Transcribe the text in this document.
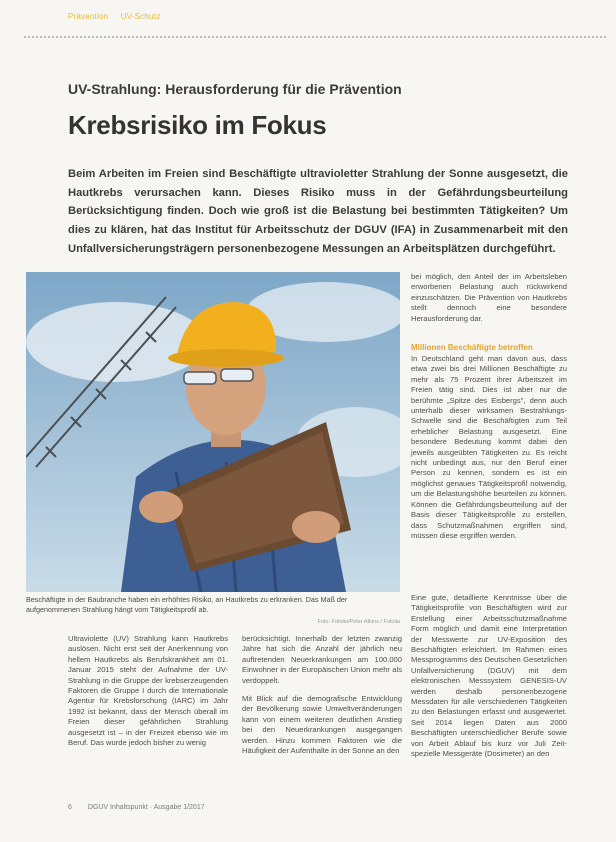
Prävention UV-Schutz
UV-Strahlung: Herausforderung für die Prävention
Krebsrisiko im Fokus
Beim Arbeiten im Freien sind Beschäftigte ultravioletter Strahlung der Sonne ausgesetzt, die Hautkrebs verursachen kann. Dieses Risiko muss in der Gefährdungsbeurteilung Berücksichtigung finden. Doch wie groß ist die Belastung bei bestimmten Tätigkeiten? Um dies zu klären, hat das Institut für Arbeitsschutz der DGUV (IFA) in Zusammenarbeit mit den Unfallversicherungsträgern personenbezogene Messungen an Arbeitsplätzen durchgeführt.
Beschäftigte in der Baubranche haben ein erhöhtes Risiko, an Hautkrebs zu erkranken. Das Maß der aufgenommenen Strahlung hängt vom Tätigkeitsprofil ab.
Foto: Fotolia/Peter Atkins / Fotolia

Ultraviolette (UV) Strahlung kann Hautkrebs auslösen. Nicht erst seit der Anerkennung von hellem Hautkrebs als Berufskrankheit am 01. Januar 2015 steht der Aufnahme der UV-Strahlung in die Gruppe der krebserzeugenden Faktoren die Gruppe I durch die Internationale Agentur für Krebsforschung (IARC) im Jahr 1992 ist bekannt, dass der Mensch überall im Freien dieser gefährlichen Strahlung ausgesetzt ist – in der Freizeit ebenso wie im Beruf. Das wurde jedoch bisher zu wenig

berücksichtigt. Innerhalb der letzten zwanzig Jahre hat sich die Anzahl der jährlich neu auftretenden Neuerkrankungen am 100.000 Einwohner in der Europäischen Union mehr als verdoppelt.

Mit Blick auf die demografische Entwicklung der Bevölkerung sowie Umweltveränderungen kann von einem weiteren deutlichen Anstieg bei den Neuerkrankungen ausgegangen werden. Hinzu kommen Faktoren wie die Häufigkeit der Aufenthalte in der Sonne an den

bei möglich, den Anteil der im Arbeitsleben erworbenen Belastung auch rückwirkend einzuschätzen. Die Prävention von Hautkrebs stellt dennoch eine besondere Herausforderung dar.

Millionen Beschäftigte betroffen

In Deutschland geht man davon aus, dass etwa zwei bis drei Millionen Beschäftigte zu mehr als 75 Prozent ihrer Arbeitszeit im Freien tätig sind. Dies ist aber nur die berühmte „Spitze des Eisbergs", denn auch unterhalb dieser wirksamen Bestrahlungs-Schwelle sind die Beschäftigten zum Teil erheblicher Belastung ausgesetzt. Eine besondere Bedeutung kommt dabei den jeweils ausgeübten Tätigkeiten zu. Es reicht nicht unbedingt aus, nur den Beruf einer Person zu kennen, sondern es ist ein möglichst genaues Tätigkeitsprofil notwendig, um die Belastungshöhe beurteilen zu können. Können die Gefährdungsbeurteilung auf der Basis dieser Tätigkeitsprofile zu erstellen, dass Schutzmaßnahmen ergriffen sind, müssen diese ergriffen werden.

Eine gute, detaillierte Kenntnisse über die Tätigkeitsprofile von Beschäftigten wird zur Erstellung einer Arbeitsschutzmaßnahme Form möglich und damit eine Interpretation der Messwerte zur UV-Exposition des Beschäftigten erleichtert. Im Rahmen eines Messprogramms des Deutschen Gesetzlichen Unfallversicherung (DGUV) mit dem elektronischen Messsystem GENESIS-UV werden deshalb personenbezogene Messdaten für alle verschiedenen Tätigkeiten zu den Belastungen erfasst und ausgewertet. Seit 2014 liegen Daten aus 2000 Beschäftigten unterschiedlicher Berufe sowie von Arbeit Ablauf bis kurz vor Juli Zeit-spezielle Messgeräte (Dosimeter) an den

6 DGUV Inhaltspunkt · Ausgabe 1/2017
